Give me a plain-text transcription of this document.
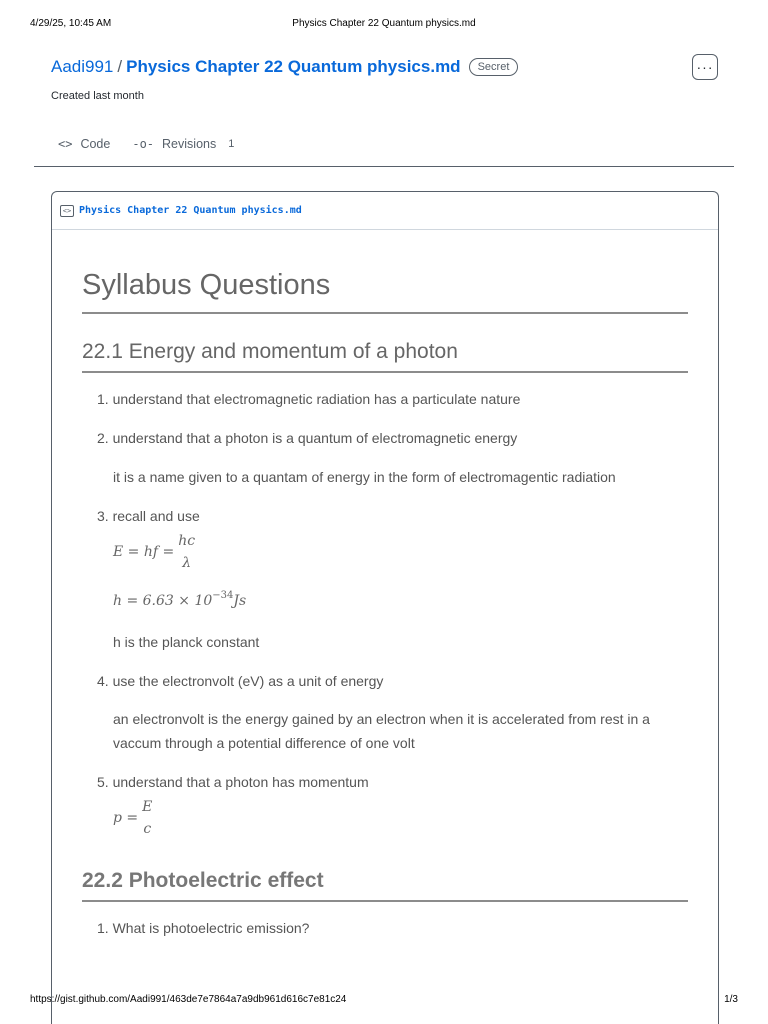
4/29/25, 10:45 AM	Physics Chapter 22 Quantum physics.md
Aadi991 / Physics Chapter 22 Quantum physics.md Secret	···
Created last month
<> Code -o- Revisions 1
<> Physics Chapter 22 Quantum physics.md
Syllabus Questions
22.1 Energy and momentum of a photon
1. understand that electromagnetic radiation has a particulate nature
2. understand that a photon is a quantum of electromagnetic energy
it is a name given to a quantam of energy in the form of electromagentic radiation
3. recall and use
E = hf =
hc
λ
$h = 6.63 \times 10^{-34}Js$
h is the planck constant
4. use the electronvolt (eV) as a unit of energy
an electronvolt is the energy gained by an electron when it is accelerated from rest in a vaccum through a potential difference of one volt
5. understand that a photon has momentum
p =
E
c
22.2 Photoelectric effect
1. What is photoelectric emission?
https://gist.github.com/Aadi991/463de7e7864a7a9db961d616c7e81c24	1/3
